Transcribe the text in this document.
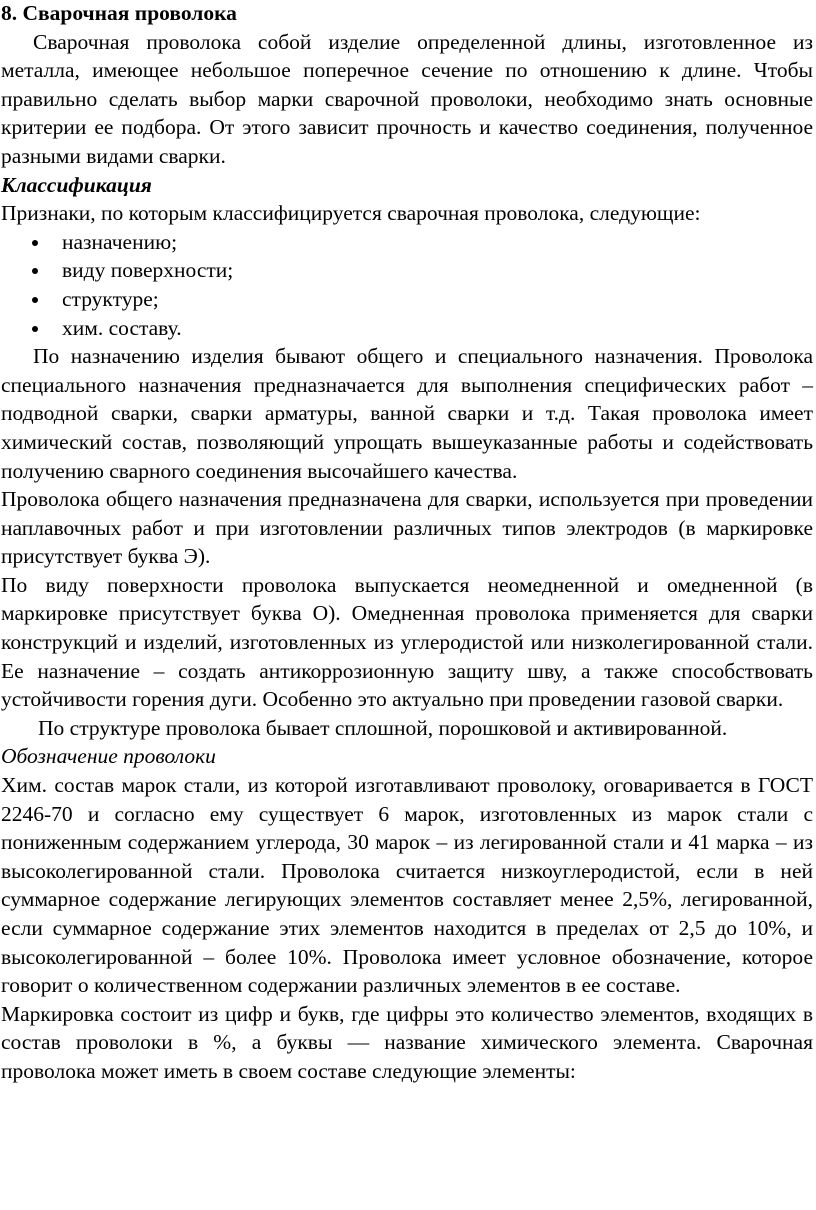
8. Сварочная проволока

Сварочная проволока собой изделие определенной длины, изготовленное из металла, имеющее небольшое поперечное сечение по отношению к длине. Чтобы правильно сделать выбор марки сварочной проволоки, необходимо знать основные критерии ее подбора. От этого зависит прочность и качество соединения, полученное разными видами сварки.

Классификация

Признаки, по которым классифицируется сварочная проволока, следующие:

назначению;
виду поверхности;
структуре;
хим. составу.

По назначению изделия бывают общего и специального назначения. Проволока специального назначения предназначается для выполнения специфических работ – подводной сварки, сварки арматуры, ванной сварки и т.д. Такая проволока имеет химический состав, позволяющий упрощать вышеуказанные работы и содействовать получению сварного соединения высочайшего качества.

Проволока общего назначения предназначена для сварки, используется при проведении наплавочных работ и при изготовлении различных типов электродов (в маркировке присутствует буква Э).

По виду поверхности проволока выпускается неомедненной и омедненной (в маркировке присутствует буква О). Омедненная проволока применяется для сварки конструкций и изделий, изготовленных из углеродистой или низколегированной стали. Ее назначение – создать антикоррозионную защиту шву, а также способствовать устойчивости горения дуги. Особенно это актуально при проведении газовой сварки.

По структуре проволока бывает сплошной, порошковой и активированной.

Обозначение проволоки

Хим. состав марок стали, из которой изготавливают проволоку, оговаривается в ГОСТ 2246-70 и согласно ему существует 6 марок, изготовленных из марок стали с пониженным содержанием углерода, 30 марок – из легированной стали и 41 марка – из высоколегированной стали. Проволока считается низкоуглеродистой, если в ней суммарное содержание легирующих элементов составляет менее 2,5%, легированной, если суммарное содержание этих элементов находится в пределах от 2,5 до 10%, и высоколегированной – более 10%. Проволока имеет условное обозначение, которое говорит о количественном содержании различных элементов в ее составе.

Маркировка состоит из цифр и букв, где цифры это количество элементов, входящих в состав проволоки в %, а буквы — название химического элемента. Сварочная проволока может иметь в своем составе следующие элементы:
